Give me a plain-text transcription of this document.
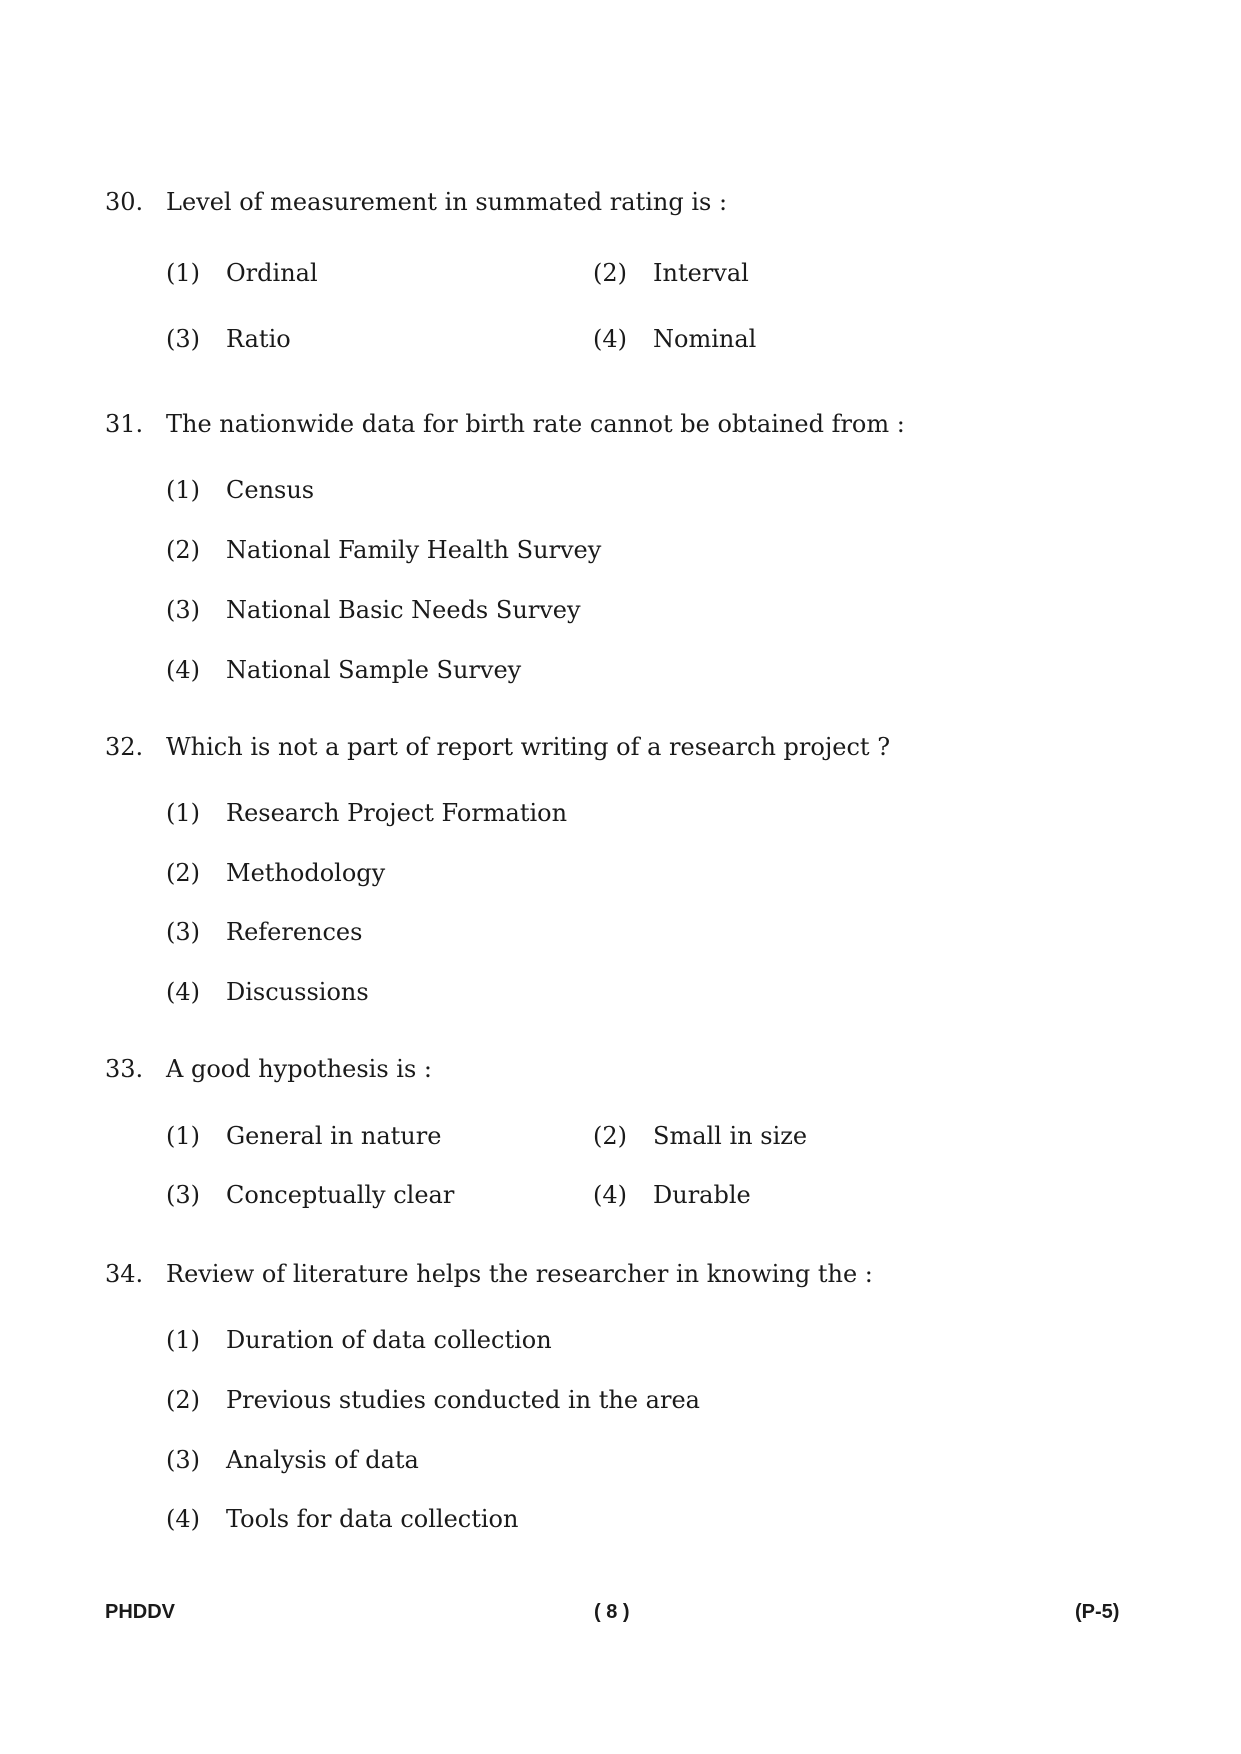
30. Level of measurement in summated rating is :
(1) Ordinal	(2) Interval
(3) Ratio	(4) Nominal
31. The nationwide data for birth rate cannot be obtained from :
(1) Census
(2) National Family Health Survey
(3) National Basic Needs Survey
(4) National Sample Survey
32. Which is not a part of report writing of a research project ?
(1) Research Project Formation
(2) Methodology
(3) References
(4) Discussions
33. A good hypothesis is :
(1) General in nature	(2) Small in size
(3) Conceptually clear	(4) Durable
34. Review of literature helps the researcher in knowing the :
(1) Duration of data collection
(2) Previous studies conducted in the area
(3) Analysis of data
(4) Tools for data collection
PHDDV	( 8 )	(P-5)
